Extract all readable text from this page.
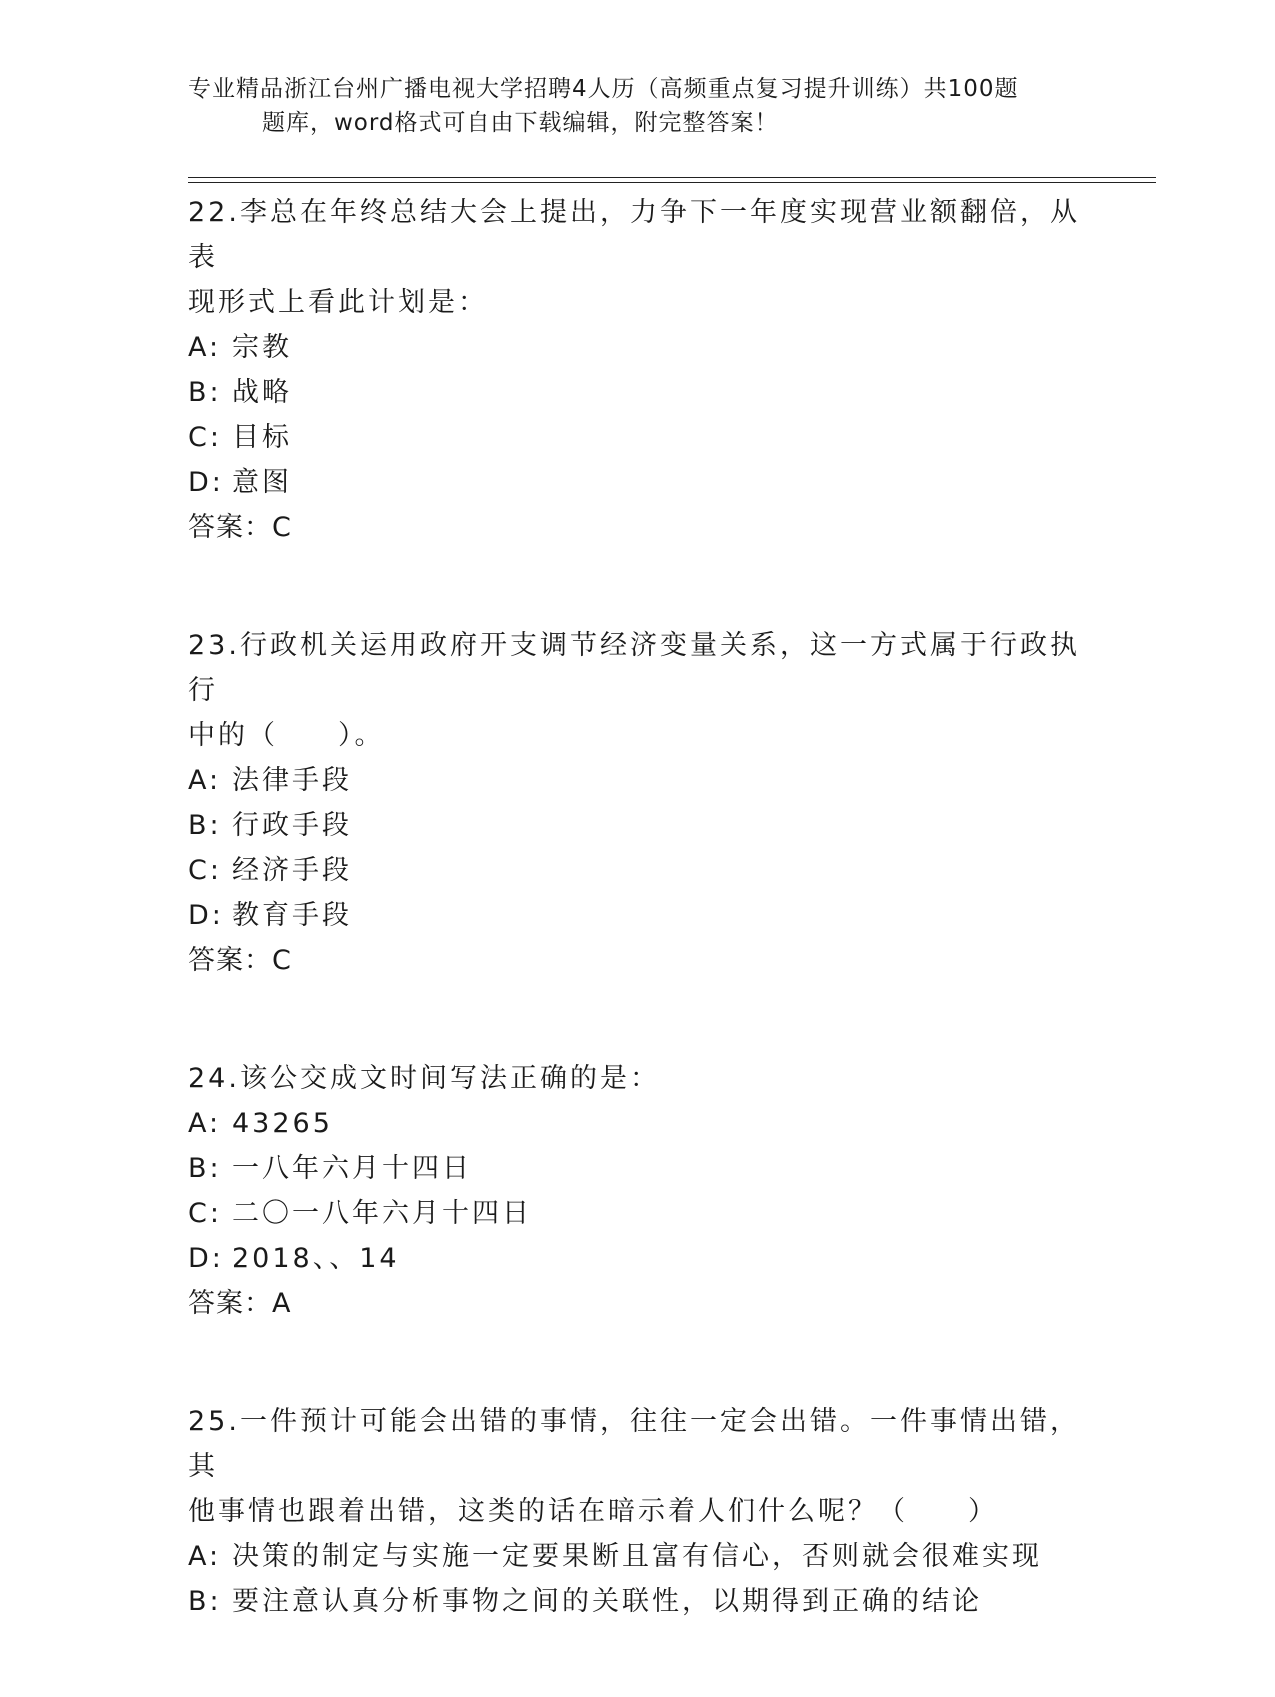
专业精品浙江台州广播电视大学招聘4人历（高频重点复习提升训练）共100题
题库，word格式可自由下载编辑，附完整答案！
22.李总在年终总结大会上提出，力争下一年度实现营业额翻倍，从表
现形式上看此计划是：
A: 宗教
B: 战略
C: 目标
D: 意图
答案：C
23.行政机关运用政府开支调节经济变量关系，这一方式属于行政执行
中的（　　）。
A: 法律手段
B: 行政手段
C: 经济手段
D: 教育手段
答案：C
24.该公交成文时间写法正确的是：
A: 43265
B: 一八年六月十四日
C: 二〇一八年六月十四日
D: 2018、、14
答案：A
25.一件预计可能会出错的事情，往往一定会出错。一件事情出错，其
他事情也跟着出错，这类的话在暗示着人们什么呢？（　　）
A: 决策的制定与实施一定要果断且富有信心，否则就会很难实现
B: 要注意认真分析事物之间的关联性，以期得到正确的结论
